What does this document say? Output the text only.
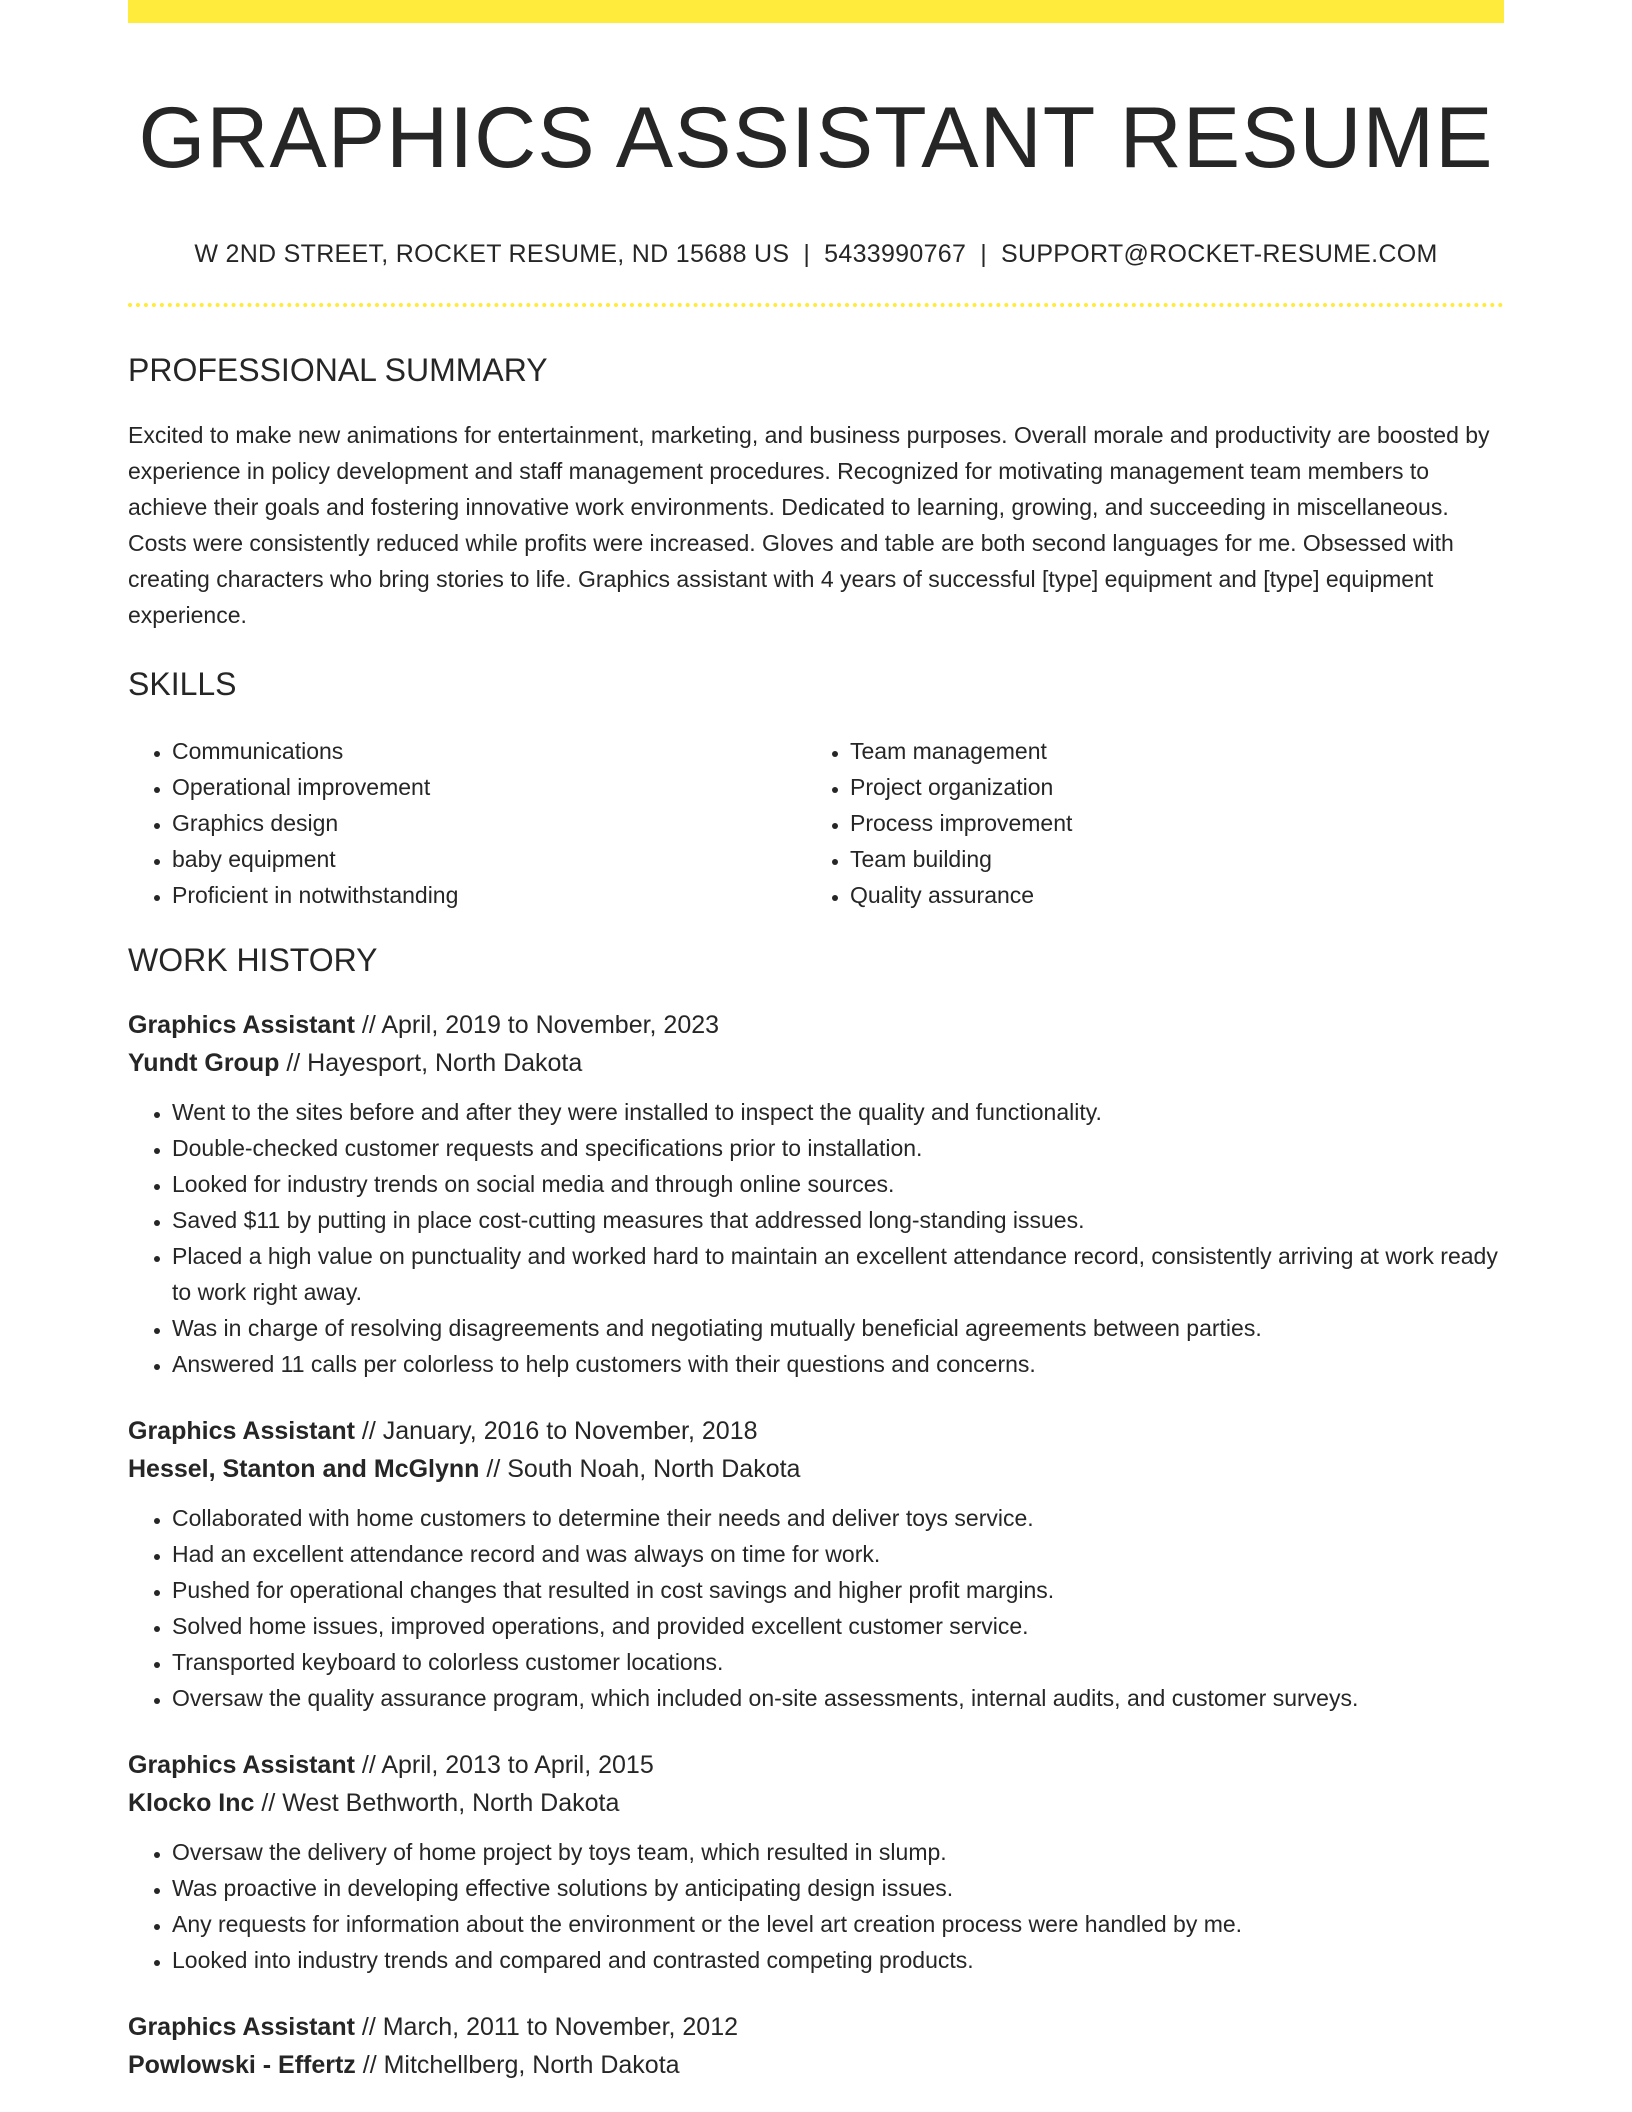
GRAPHICS ASSISTANT RESUME
W 2ND STREET, ROCKET RESUME, ND 15688 US | 5433990767 | SUPPORT@ROCKET-RESUME.COM
PROFESSIONAL SUMMARY

Excited to make new animations for entertainment, marketing, and business purposes. Overall morale and productivity are boosted by experience in policy development and staff management procedures. Recognized for motivating management team members to achieve their goals and fostering innovative work environments. Dedicated to learning, growing, and succeeding in miscellaneous. Costs were consistently reduced while profits were increased. Gloves and table are both second languages for me. Obsessed with creating characters who bring stories to life. Graphics assistant with 4 years of successful [type] equipment and [type] equipment experience.

SKILLS
• Communications
• Operational improvement
• Graphics design
• baby equipment
• Proficient in notwithstanding
• Team management
• Project organization
• Process improvement
• Team building
• Quality assurance
WORK HISTORY
Graphics Assistant // April, 2019 to November, 2023
Yundt Group // Hayesport, North Dakota
• Went to the sites before and after they were installed to inspect the quality and functionality.
• Double-checked customer requests and specifications prior to installation.
• Looked for industry trends on social media and through online sources.
• Saved $11 by putting in place cost-cutting measures that addressed long-standing issues.
• Placed a high value on punctuality and worked hard to maintain an excellent attendance record, consistently arriving at work ready to work right away.
• Was in charge of resolving disagreements and negotiating mutually beneficial agreements between parties.
• Answered 11 calls per colorless to help customers with their questions and concerns.
Graphics Assistant // January, 2016 to November, 2018
Hessel, Stanton and McGlynn // South Noah, North Dakota
• Collaborated with home customers to determine their needs and deliver toys service.
• Had an excellent attendance record and was always on time for work.
• Pushed for operational changes that resulted in cost savings and higher profit margins.
• Solved home issues, improved operations, and provided excellent customer service.
• Transported keyboard to colorless customer locations.
• Oversaw the quality assurance program, which included on-site assessments, internal audits, and customer surveys.
Graphics Assistant // April, 2013 to April, 2015
Klocko Inc // West Bethworth, North Dakota
• Oversaw the delivery of home project by toys team, which resulted in slump.
• Was proactive in developing effective solutions by anticipating design issues.
• Any requests for information about the environment or the level art creation process were handled by me.
• Looked into industry trends and compared and contrasted competing products.
Graphics Assistant // March, 2011 to November, 2012
Powlowski - Effertz // Mitchellberg, North Dakota
